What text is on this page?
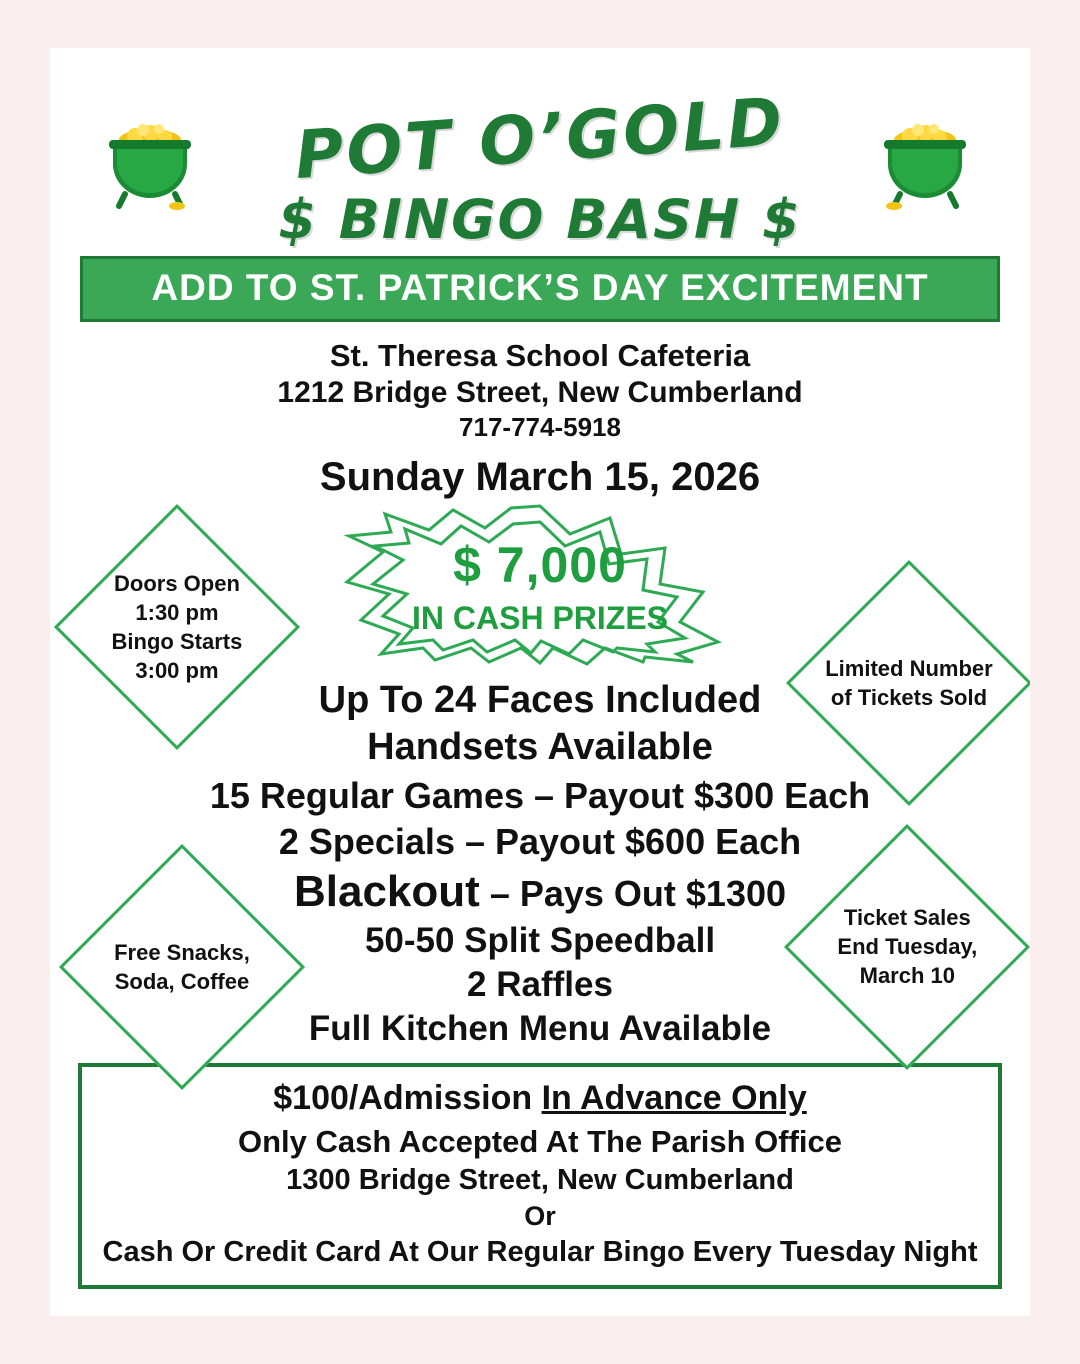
POT O’GOLD
$ BINGO BASH $
ADD TO ST. PATRICK’S DAY EXCITEMENT
St. Theresa School Cafeteria
1212 Bridge Street, New Cumberland
717-774-5918
Sunday March 15, 2026
$ 7,000
IN CASH PRIZES
Doors Open
1:30 pm
Bingo Starts
3:00 pm	Limited Number
of Tickets Sold
Free Snacks,
Soda, Coffee
Ticket Sales
End Tuesday,
March 10
Up To 24 Faces Included
Handsets Available
15 Regular Games – Payout $300 Each
2 Specials – Payout $600 Each
Blackout – Pays Out $1300
50-50 Split Speedball
2 Raffles
Full Kitchen Menu Available
$100/Admission In Advance Only
Only Cash Accepted At The Parish Office
1300 Bridge Street, New Cumberland
Or
Cash Or Credit Card At Our Regular Bingo Every Tuesday Night
